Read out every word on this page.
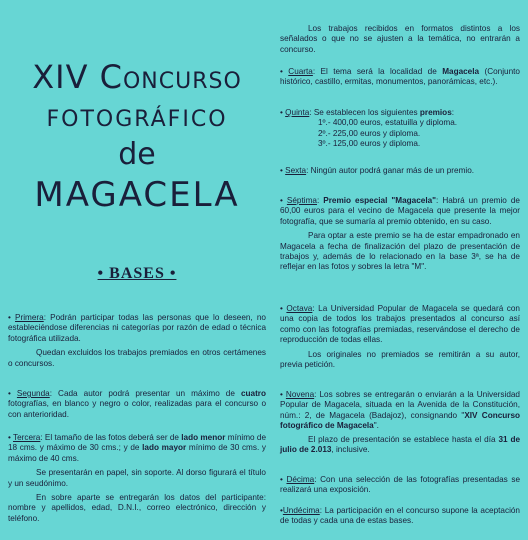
XIV CONCURSO
FOTOGRÁFICO
de
MAGACELA
• BASES •

• Primera: Podrán participar todas las personas que lo deseen, no estableciéndose diferencias ni categorías por razón de edad o técnica fotográfica utilizada.

Quedan excluidos los trabajos premiados en otros certámenes o concursos.

• Segunda: Cada autor podrá presentar un máximo de cuatro fotografías, en blanco y negro o color, realizadas para el concurso o con anterioridad.

• Tercera: El tamaño de las fotos deberá ser de lado menor mínimo de 18 cms. y máximo de 30 cms.; y de lado mayor mínimo de 30 cms. y máximo de 40 cms.

Se presentarán en papel, sin soporte. Al dorso figurará el título y un seudónimo.

En sobre aparte se entregarán los datos del participante: nombre y apellidos, edad, D.N.I., correo electrónico, dirección y teléfono.

Los trabajos recibidos en formatos distintos a los señalados o que no se ajusten a la temática, no entrarán a concurso.

• Cuarta: El tema será la localidad de Magacela (Conjunto histórico, castillo, ermitas, monumentos, panorámicas, etc.).

• Quinta: Se establecen los siguientes premios:

1º.- 400,00 euros, estatuilla y diploma.

2º.- 225,00 euros y diploma.

3º.- 125,00 euros y diploma.

• Sexta: Ningún autor podrá ganar más de un premio.

• Séptima: Premio especial "Magacela": Habrá un premio de 60,00 euros para el vecino de Magacela que presente la mejor fotografía, que se sumaría al premio obtenido, en su caso.

Para optar a este premio se ha de estar empadronado en Magacela a fecha de finalización del plazo de presentación de trabajos y, además de lo relacionado en la base 3ª, se ha de reflejar en las fotos y sobres la letra "M".

• Octava: La Universidad Popular de Magacela se quedará con una copia de todos los trabajos presentados al concurso así como con las fotografías premiadas, reservándose el derecho de reproducción de todas ellas.

Los originales no premiados se remitirán a su autor, previa petición.

• Novena: Los sobres se entregarán o enviarán a la Universidad Popular de Magacela, situada en la Avenida de la Constitución, núm.: 2, de Magacela (Badajoz), consignando "XIV Concurso fotográfico de Magacela".

El plazo de presentación se establece hasta el día 31 de julio de 2.013, inclusive.

• Décima: Con una selección de las fotografías presentadas se realizará una exposición.

•Undécima: La participación en el concurso supone la aceptación de todas y cada una de estas bases.
